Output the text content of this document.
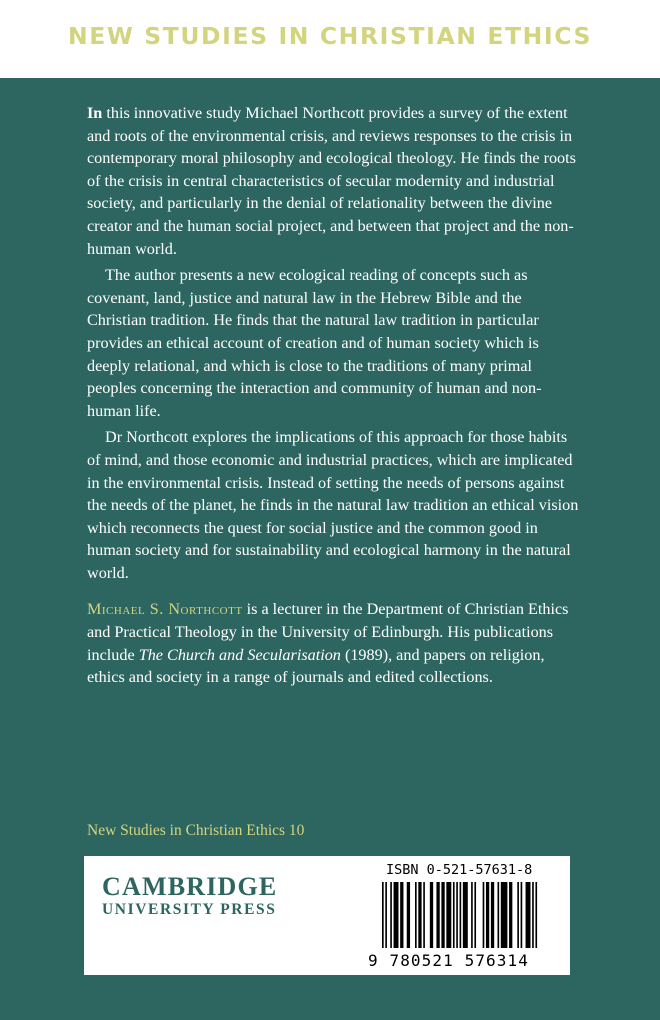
NEW STUDIES IN CHRISTIAN ETHICS

In this innovative study Michael Northcott provides a survey of the extent and roots of the environmental crisis, and reviews responses to the crisis in contemporary moral philosophy and ecological theology. He finds the roots of the crisis in central characteristics of secular modernity and industrial society, and particularly in the denial of relationality between the divine creator and the human social project, and between that project and the non-human world.

The author presents a new ecological reading of concepts such as covenant, land, justice and natural law in the Hebrew Bible and the Christian tradition. He finds that the natural law tradition in particular provides an ethical account of creation and of human society which is deeply relational, and which is close to the traditions of many primal peoples concerning the interaction and community of human and non-human life.

Dr Northcott explores the implications of this approach for those habits of mind, and those economic and industrial practices, which are implicated in the environmental crisis. Instead of setting the needs of persons against the needs of the planet, he finds in the natural law tradition an ethical vision which reconnects the quest for social justice and the common good in human society and for sustainability and ecological harmony in the natural world.

Michael S. Northcott is a lecturer in the Department of Christian Ethics and Practical Theology in the University of Edinburgh. His publications include The Church and Secularisation (1989), and papers on religion, ethics and society in a range of journals and edited collections.

New Studies in Christian Ethics 10
CAMBRIDGE
UNIVERSITY PRESS
ISBN 0-521-57631-8
9 780521 576314
